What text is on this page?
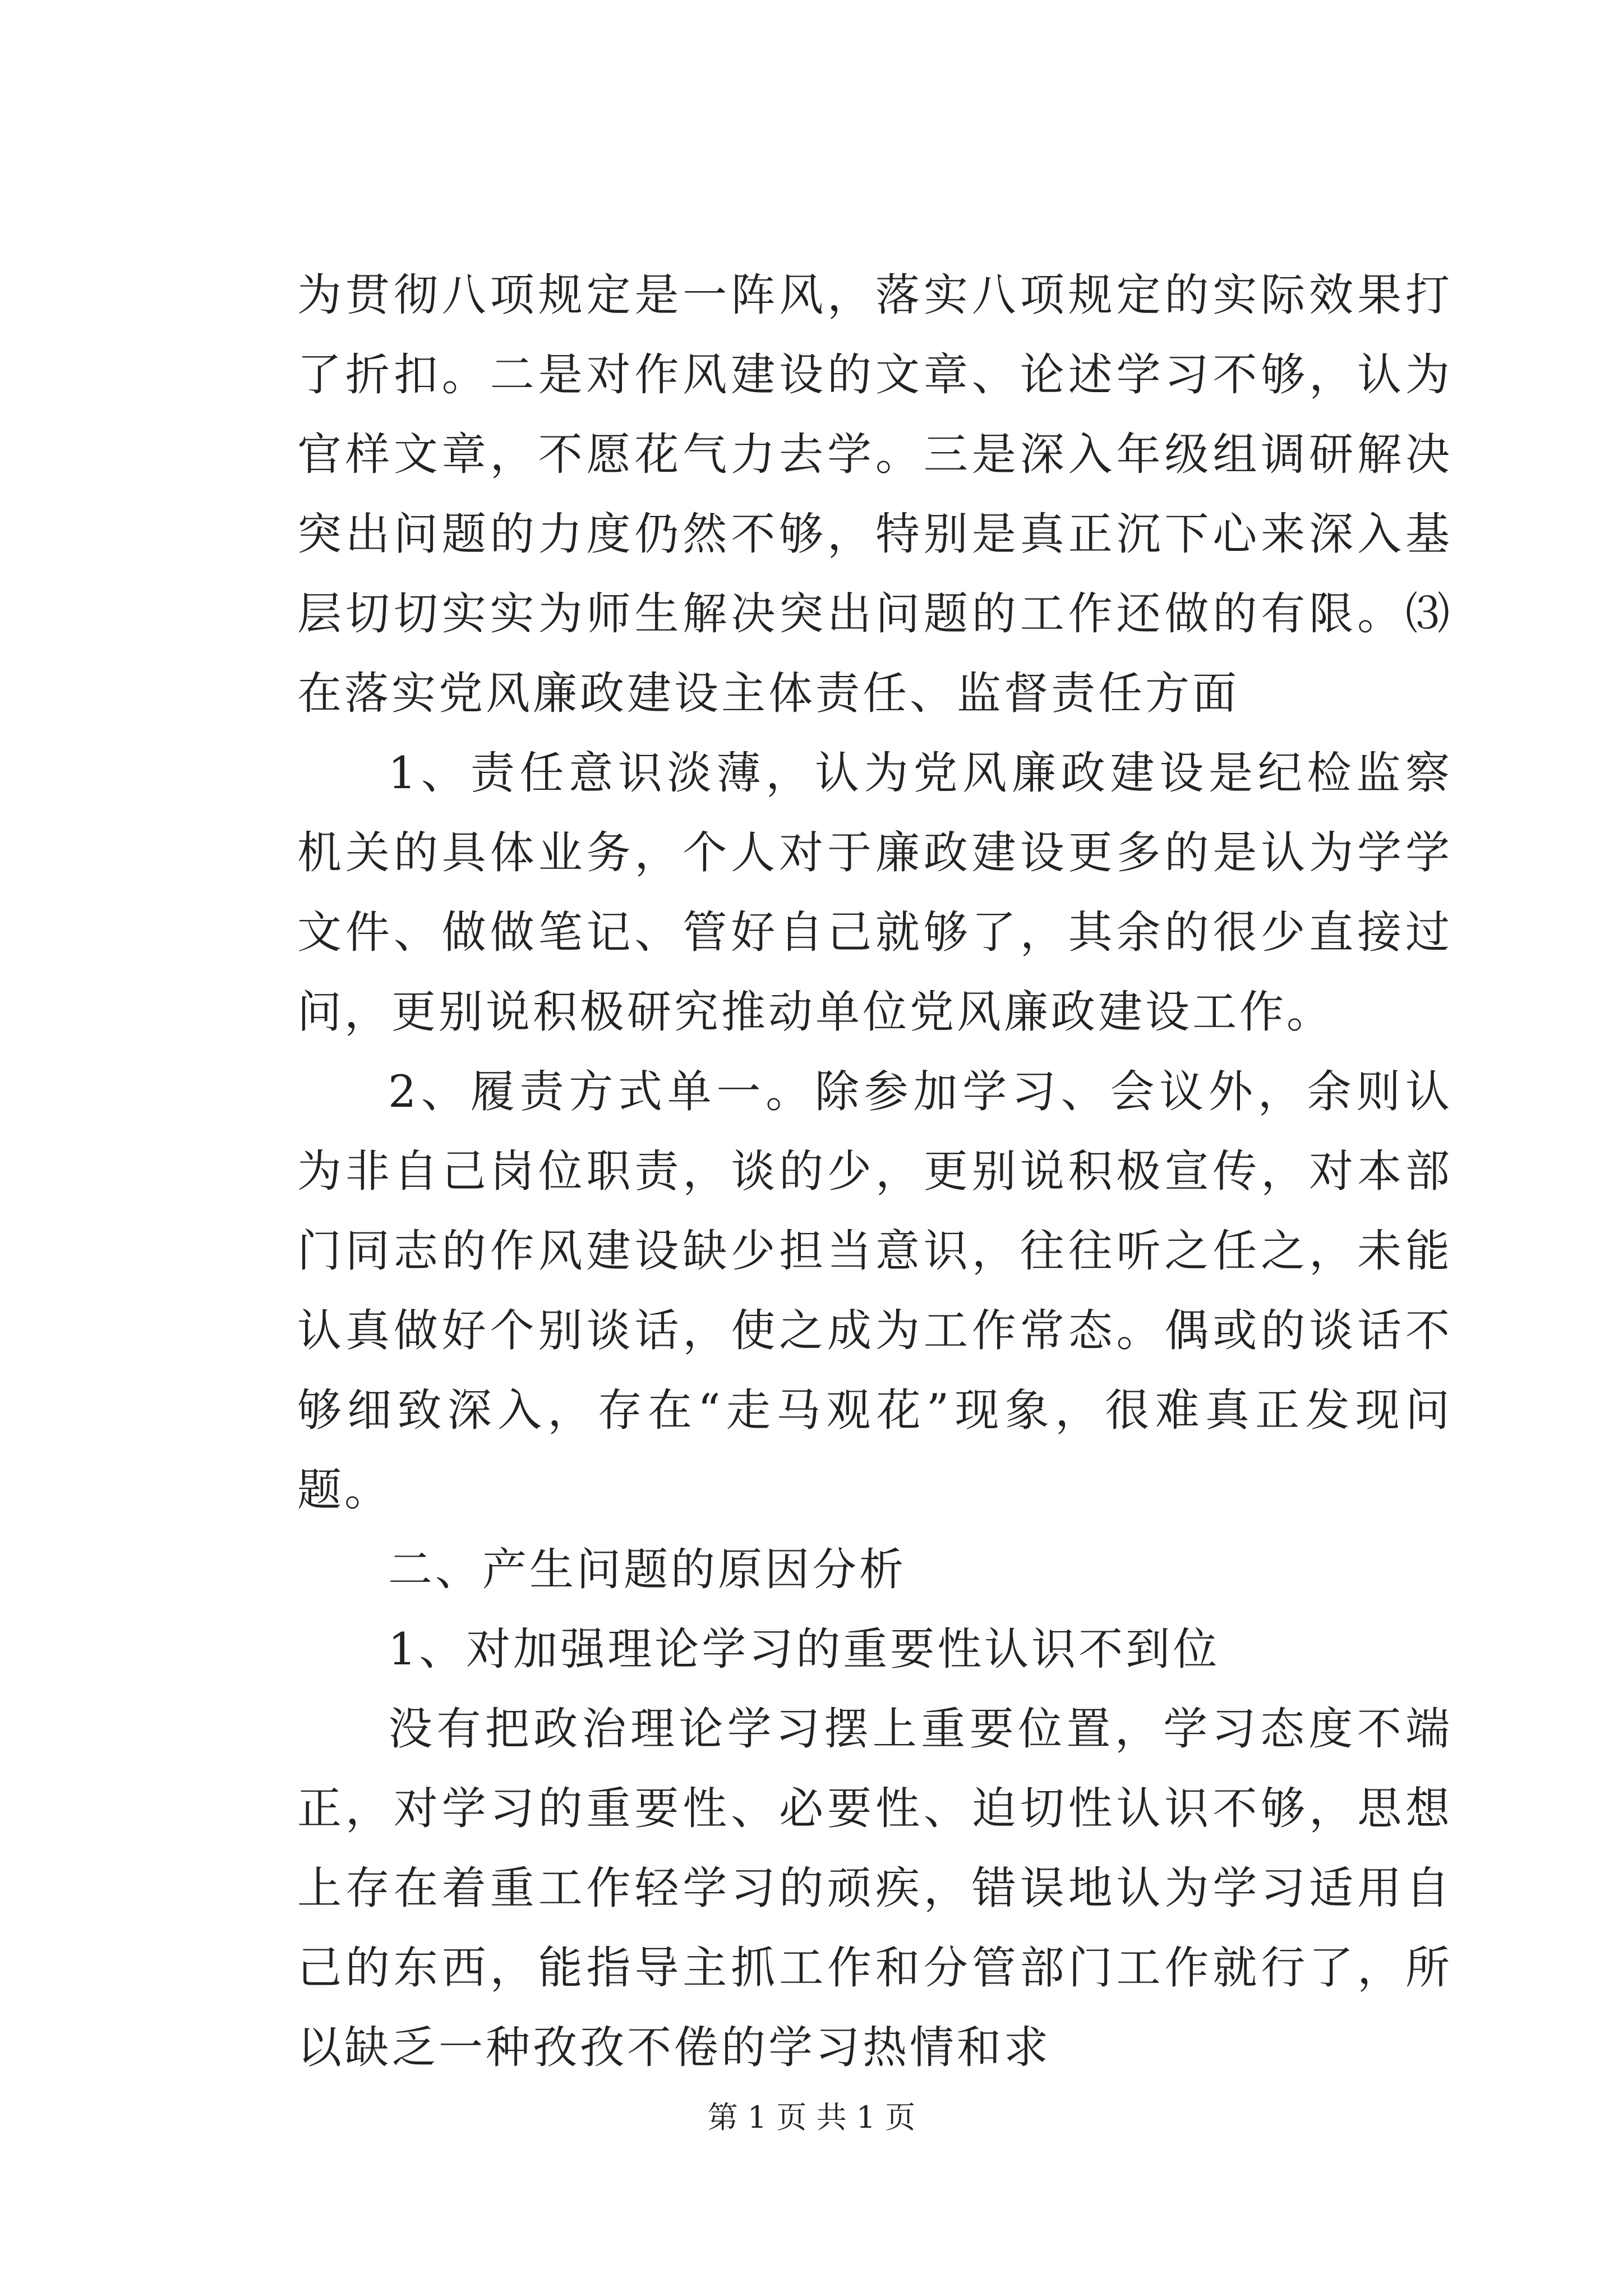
为贯彻八项规定是一阵风，落实八项规定的实际效果打了折扣。二是对作风建设的文章、论述学习不够，认为官样文章，不愿花气力去学。三是深入年级组调研解决突出问题的力度仍然不够，特别是真正沉下心来深入基层切切实实为师生解决突出问题的工作还做的有限。⑶在落实党风廉政建设主体责任、监督责任方面

1、责任意识淡薄，认为党风廉政建设是纪检监察机关的具体业务，个人对于廉政建设更多的是认为学学文件、做做笔记、管好自己就够了，其余的很少直接过问，更别说积极研究推动单位党风廉政建设工作。

2、履责方式单一。除参加学习、会议外，余则认为非自己岗位职责，谈的少，更别说积极宣传，对本部门同志的作风建设缺少担当意识，往往听之任之，未能认真做好个别谈话，使之成为工作常态。偶或的谈话不够细致深入，存在“走马观花”现象，很难真正发现问题。

二、产生问题的原因分析

1、对加强理论学习的重要性认识不到位

没有把政治理论学习摆上重要位置，学习态度不端正，对学习的重要性、必要性、迫切性认识不够，思想上存在着重工作轻学习的顽疾，错误地认为学习适用自己的东西，能指导主抓工作和分管部门工作就行了，所以缺乏一种孜孜不倦的学习热情和求

第 1 页 共 1 页
